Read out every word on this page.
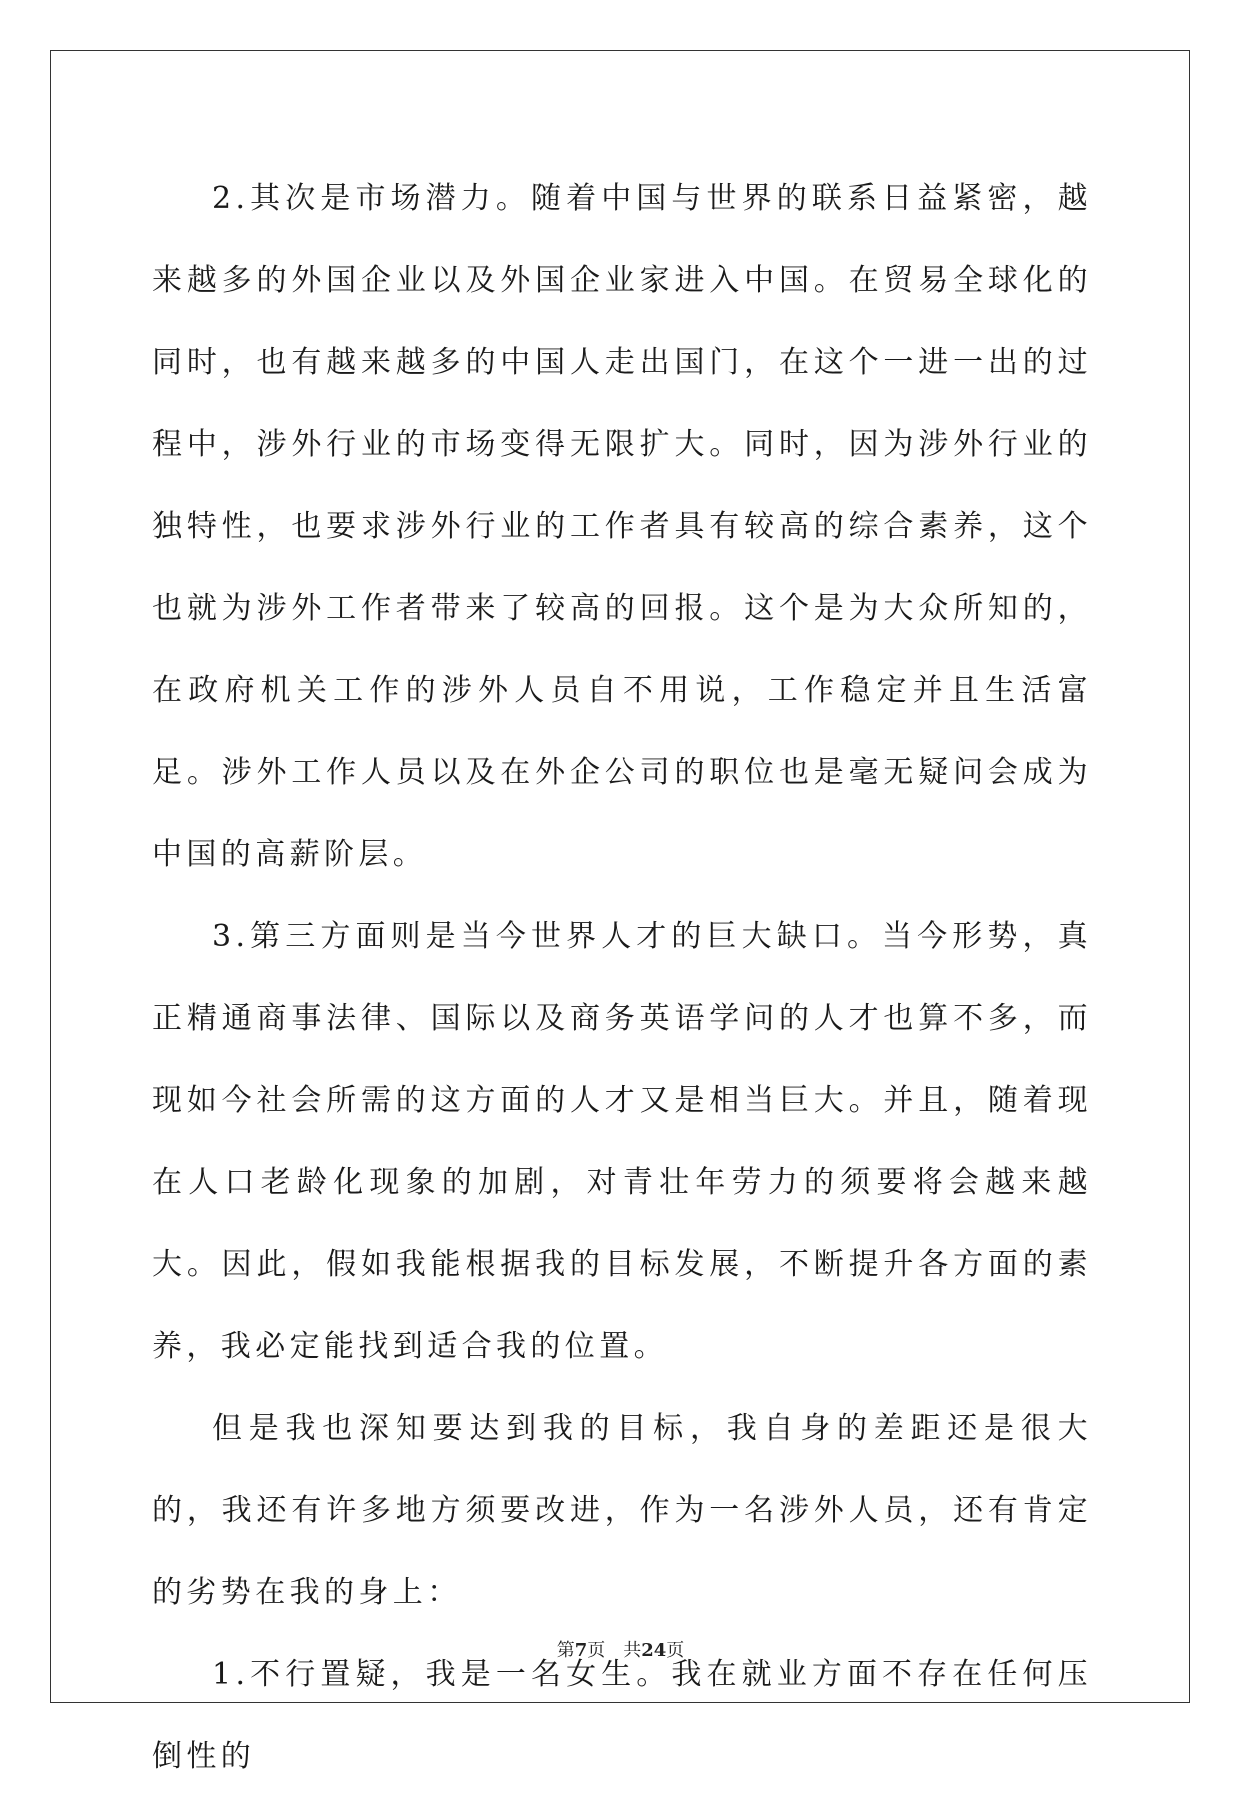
2.其次是市场潜力。随着中国与世界的联系日益紧密，越来越多的外国企业以及外国企业家进入中国。在贸易全球化的同时，也有越来越多的中国人走出国门，在这个一进一出的过程中，涉外行业的市场变得无限扩大。同时，因为涉外行业的独特性，也要求涉外行业的工作者具有较高的综合素养，这个也就为涉外工作者带来了较高的回报。这个是为大众所知的，在政府机关工作的涉外人员自不用说，工作稳定并且生活富足。涉外工作人员以及在外企公司的职位也是毫无疑问会成为中国的高薪阶层。

3.第三方面则是当今世界人才的巨大缺口。当今形势，真正精通商事法律、国际以及商务英语学问的人才也算不多，而现如今社会所需的这方面的人才又是相当巨大。并且，随着现在人口老龄化现象的加剧，对青壮年劳力的须要将会越来越大。因此，假如我能根据我的目标发展，不断提升各方面的素养，我必定能找到适合我的位置。

但是我也深知要达到我的目标，我自身的差距还是很大的，我还有许多地方须要改进，作为一名涉外人员，还有肯定的劣势在我的身上：

1.不行置疑，我是一名女生。我在就业方面不存在任何压倒性的

第7页　共24页
